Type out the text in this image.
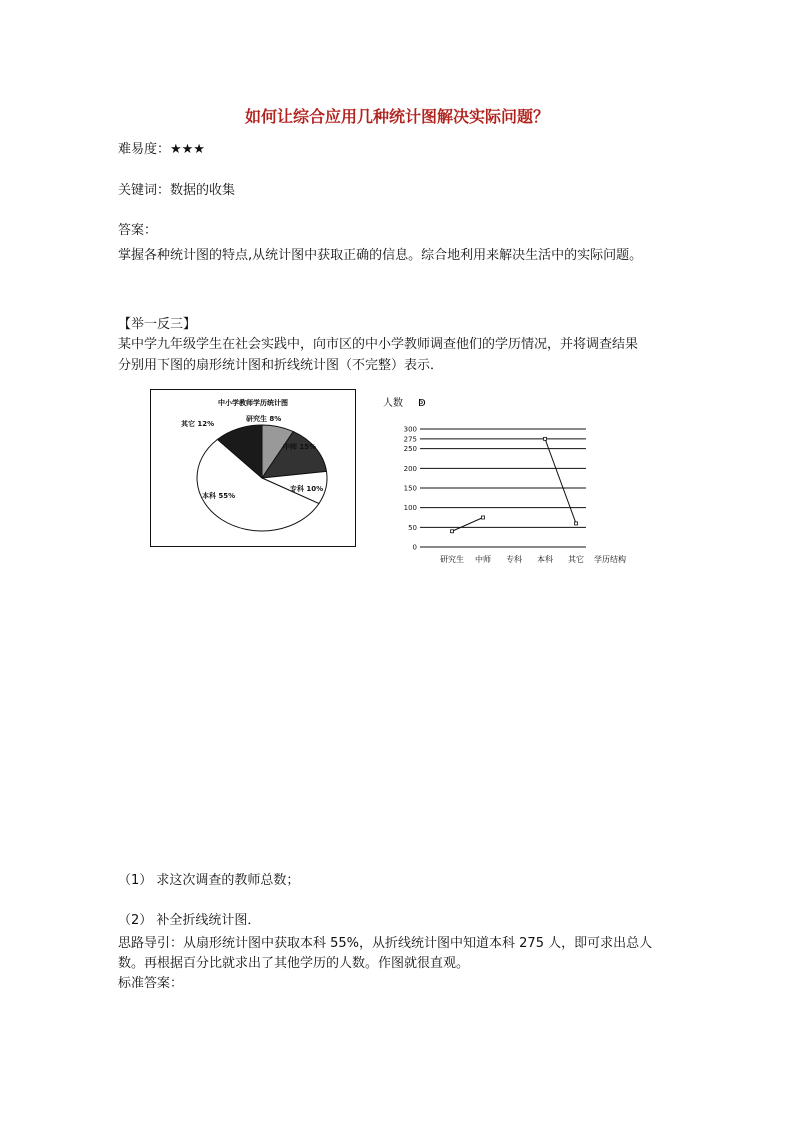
如何让综合应用几种统计图解决实际问题？
难易度：★★★
关键词：数据的收集
答案：
掌握各种统计图的特点,从统计图中获取正确的信息。综合地利用来解决生活中的实际问题。
【举一反三】
某中学九年级学生在社会实践中，向市区的中小学教师调查他们的学历情况，并将调查结果
分别用下图的扇形统计图和折线统计图（不完整）表示．
中小学教师学历统计图
研究生 8%
中师 15%
专科 10%
本科 55%
其它 12%
人数 ↁ
0
50
100
150
200
250
275
300
研究生 中师 专科 本科 其它 学历结构
（1） 求这次调查的教师总数；
（2） 补全折线统计图．
思路导引：从扇形统计图中获取本科 55%，从折线统计图中知道本科 275 人，即可求出总人
数。再根据百分比就求出了其他学历的人数。作图就很直观。
标准答案：
